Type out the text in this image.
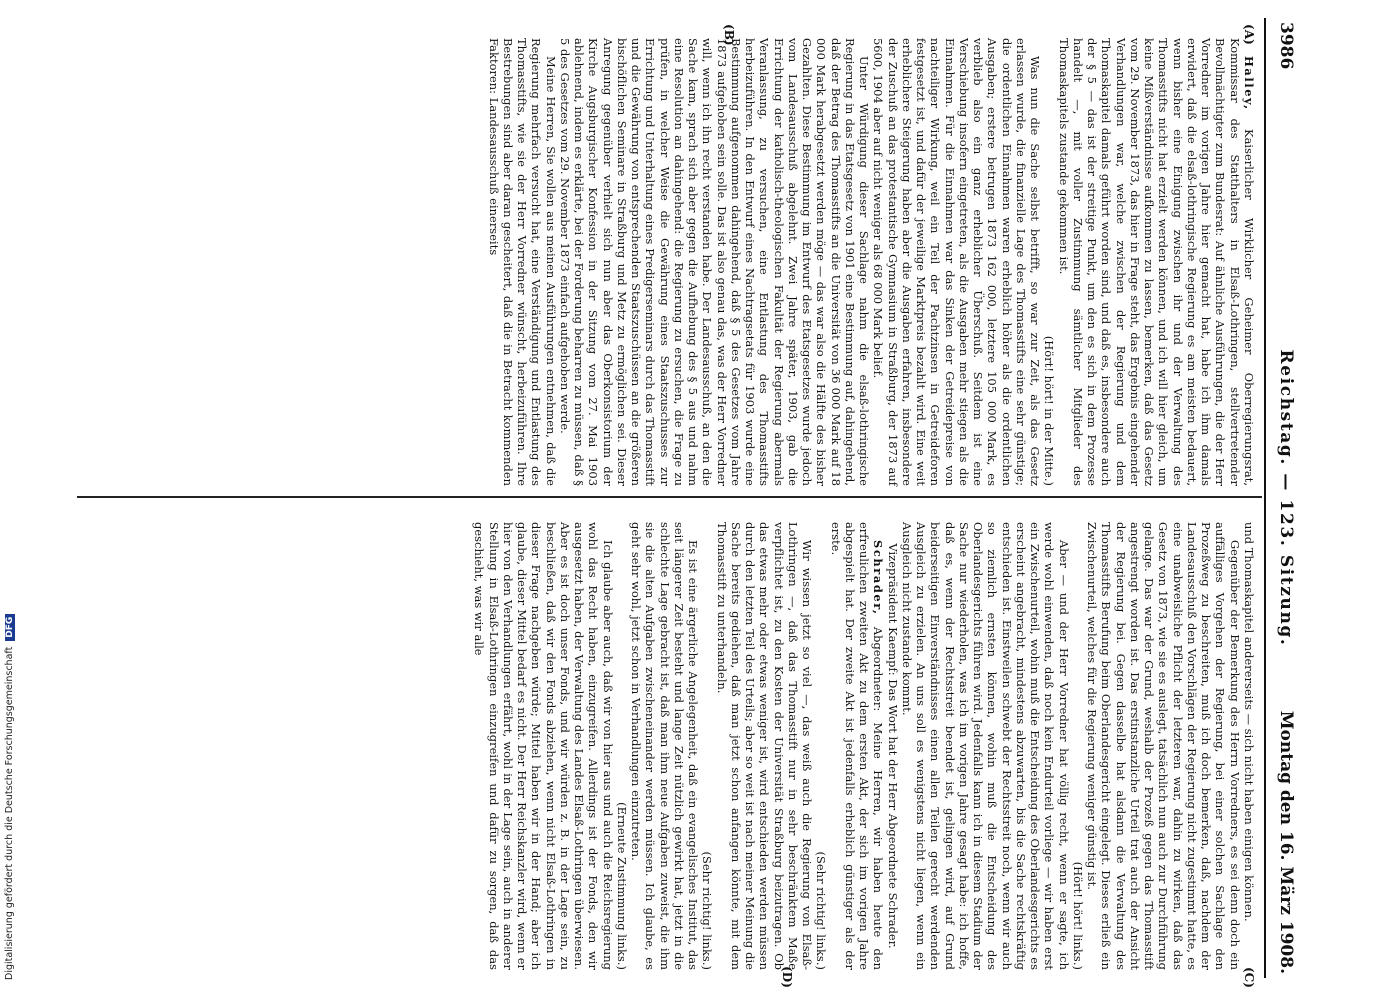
3986
Reichstag. — 123. Sitzung.
Montag den 16. März 1908.
(A)
(B)

Halley, Kaiserlicher Wirklicher Geheimer Oberregierungsrat, Kommissar des Statthalters in Elsaß-Lothringen, stellvertretender Bevollmächtigter zum Bundesrat: Auf ähnliche Ausführungen, die der Herr Vorredner im vorigen Jahre hier gemacht hat, habe ich ihm damals erwidert, daß die elsaß-lothringische Regierung es am meisten bedauert, wenn bisher eine Einigung zwischen ihr und der Verwaltung des Thomasstifts nicht hat erzielt werden können, und ich will hier gleich, um keine Mißverständnisse aufkommen zu lassen, bemerken, daß das Gesetz vom 29. November 1873, das hier in Frage steht, das Ergebnis eingehender Verhandlungen war, welche zwischen der Regierung und dem Thomaskapitel damals geführt worden sind, und daß es, insbesondere auch der § 5 — das ist der streitige Punkt, um den es sich in dem Prozesse handelt —, mit voller Zustimmung sämtlicher Mitglieder des Thomaskapitels zustande gekommen ist.

(Hört! hört! in der Mitte.)

Was nun die Sache selbst betrifft, so war zur Zeit, als das Gesetz erlassen wurde, die finanzielle Lage des Thomasstifts eine sehr günstige; die ordentlichen Einnahmen waren erheblich höher als die ordentlichen Ausgaben; erstere betrugen 1873 162 000, letztere 105 000 Mark, es verblieb also ein ganz erheblicher Überschuß. Seitdem ist eine Verschiebung insofern eingetreten, als die Ausgaben mehr stiegen als die Einnahmen. Für die Einnahmen war das Sinken der Getreidepreise von nachteiliger Wirkung, weil ein Teil der Pachtzinsen in Getreideforen festgesetzt ist, und dafür der jeweilige Marktpreis bezahlt wird. Eine weit erheblichere Steigerung haben aber die Ausgaben erfahren, insbesondere der Zuschuß an das protestantische Gymnasium in Straßburg, der 1873 auf 5600, 1904 aber auf nicht weniger als 68 000 Mark belief.

Unter Würdigung dieser Sachlage nahm die elsaß-lothringische Regierung in das Etatsgesetz von 1901 eine Bestimmung auf, dahingehend, daß der Betrag des Thomasstifts an die Universität von 36 000 Mark auf 18 000 Mark herabgesetzt werden möge — das war also die Hälfte des bisher Gezahlten. Diese Bestimmung im Entwurf des Etatsgesetzes wurde jedoch vom Landesausschuß abgelehnt. Zwei Jahre später, 1903, gab die Errichtung der katholisch-theologischen Fakultät der Regierung abermals Veranlassung, zu versuchen, eine Entlastung des Thomasstifts herbeizuführen. In den Entwurf eines Nachtragsetats für 1903 wurde eine Bestimmung aufgenommen dahingehend, daß § 5 des Gesetzes vom Jahre 1873 aufgehoben sein solle. Das ist also genau das, was der Herr Vorredner will, wenn ich ihn recht verstanden habe. Der Landesausschuß, an den die Sache kam, sprach sich aber gegen die Aufhebung des § 5 aus und nahm eine Resolution an dahingehend: die Regierung zu ersuchen, die Frage zu prüfen, in welcher Weise die Gewährung eines Staatszuschusses zur Errichtung und Unterhaltung eines Predigerseminars durch das Thomasstift und die Gewährung von entsprechenden Staatszuschüssen an die größeren bischöflichen Seminare in Straßburg und Metz zu ermöglichen sei. Dieser Anregung gegenüber verhielt sich nun aber das Oberkonsistorium der Kirche Augsburgischer Konfession in der Sitzung vom 27. Mai 1903 ablehnend, indem es erklärte, bei der Forderung beharren zu müssen, daß § 5 des Gesetzes vom 29. November 1873 einfach aufgehoben werde.

Meine Herren, Sie wollen aus meinen Ausführungen entnehmen, daß die Regierung mehrfach versucht hat, eine Verständigung und Entlastung des Thomasstifts, wie sie der Herr Vorredner wünscht, herbeizuführen. Ihre Bestrebungen sind aber daran gescheitert, daß die in Betracht kommenden Faktoren: Landesausschuß einerseits

(C)
(D)

und Thomaskapitel andererseits — sich nicht haben einigen können.

Gegenüber der Bemerkung des Herrn Vorredners, es sei denn doch ein auffälliges Vorgehen der Regierung, bei einer solchen Sachlage den Prozeßweg zu beschreiten, muß ich doch bemerken, daß, nachdem der Landesausschuß den Vorschlägen der Regierung nicht zugestimmt hatte, es eine unabweisliche Pflicht der letzteren war, dahin zu wirken, daß das Gesetz von 1873, wie sie es auslegt, tatsächlich nun auch zur Durchführung gelange. Das war der Grund, weshalb der Prozeß gegen das Thomasstift angestrengt worden ist. Das erstinstanzliche Urteil trat auch der Ansicht der Regierung bei. Gegen dasselbe hat alsdann die Verwaltung des Thomasstifts Berufung beim Oberlandesgericht eingelegt. Dieses erließ ein Zwischenurteil, welches für die Regierung weniger günstig ist.

(Hört! hört! links.)

Aber — und der Herr Vorredner hat völlig recht, wenn er sagte, ich werde wohl einwenden, daß noch kein Endurteil vorliege — wir haben erst ein Zwischenurteil, wohin muß die Entscheidung des Oberlandesgerichts es erscheint angebracht, mindestens abzuwarten, bis die Sache rechtskräftig entschieden ist. Einstweilen schwebt der Rechtsstreit noch, wenn wir auch so ziemlich ernsten können, wohin muß die Entscheidung des Oberlandesgerichts führen wird. Jedenfalls kann ich in diesem Stadium der Sache nur wiederholen, was ich im vorigen Jahre gesagt habe: ich hoffe, daß es, wenn der Rechtsstreit beendet ist, gelingen wird, auf Grund beiderseitigen Einverständnisses einen allen Teilen gerecht werdenden Ausgleich zu erzielen. An uns soll es wenigstens nicht liegen, wenn ein Ausgleich nicht zustande kommt.

Vizepräsident Kaempf: Das Wort hat der Herr Abgeordnete Schrader.

Schrader, Abgeordneter: Meine Herren, wir haben heute den erfreulichen zweiten Akt zu dem ersten Akt, der sich im vorigen Jahre abgespielt hat. Der zweite Akt ist jedenfalls erheblich günstiger als der erste.

(Sehr richtig! links.)

Wir wissen jetzt so viel —, das weiß auch die Regierung von Elsaß-Lothringen —, daß das Thomasstift nur in sehr beschränktem Maße verpflichtet ist, zu den Kosten der Universität Straßburg beizutragen. Ob das etwas mehr oder etwas weniger ist, wird entschieden werden müssen durch den letzten Teil des Urteils; aber so weit ist nach meiner Meinung die Sache bereits gediehen, daß man jetzt schon anfangen könnte, mit dem Thomasstift zu unterhandeln.

(Sehr richtig! links.)

Es ist eine ärgerliche Angelegenheit, daß ein evangelisches Institut, das seit längerer Zeit besteht und lange Zeit nützlich gewirkt hat, jetzt in die schlechte Lage gebracht ist, daß man ihm neue Aufgaben zuweist, die ihm sie die alten Aufgaben zwischeneinander werden müssen. Ich glaube, es geht sehr wohl, jetzt schon in Verhandlungen einzutreten.

(Erneute Zustimmung links.)

Ich glaube aber auch, daß wir von hier aus und auch die Reichsregierung wohl das Recht haben, einzugreifen. Allerdings ist der Fonds, den wir ausgesetzt haben, der Verwaltung des Landes Elsaß-Lothringen überwiesen. Aber es ist doch unser Fonds, und wir würden z. B. in der Lage sein, zu beschließen, daß wir den Fonds abziehen, wenn nicht Elsaß-Lothringen in dieser Frage nachgeben würde; Mittel haben wir in der Hand; aber ich glaube, dieser Mittel bedarf es nicht. Der Herr Reichskanzler wird, wenn er hier von den Verhandlungen erfährt, wohl in der Lage sein, auch in anderer Stellung in Elsaß-Lothringen einzugreifen und dafür zu sorgen, daß das geschieht, was wir alle

Digitalisierung gefördert durch die Deutsche ForschungsgemeinschaftDFG
